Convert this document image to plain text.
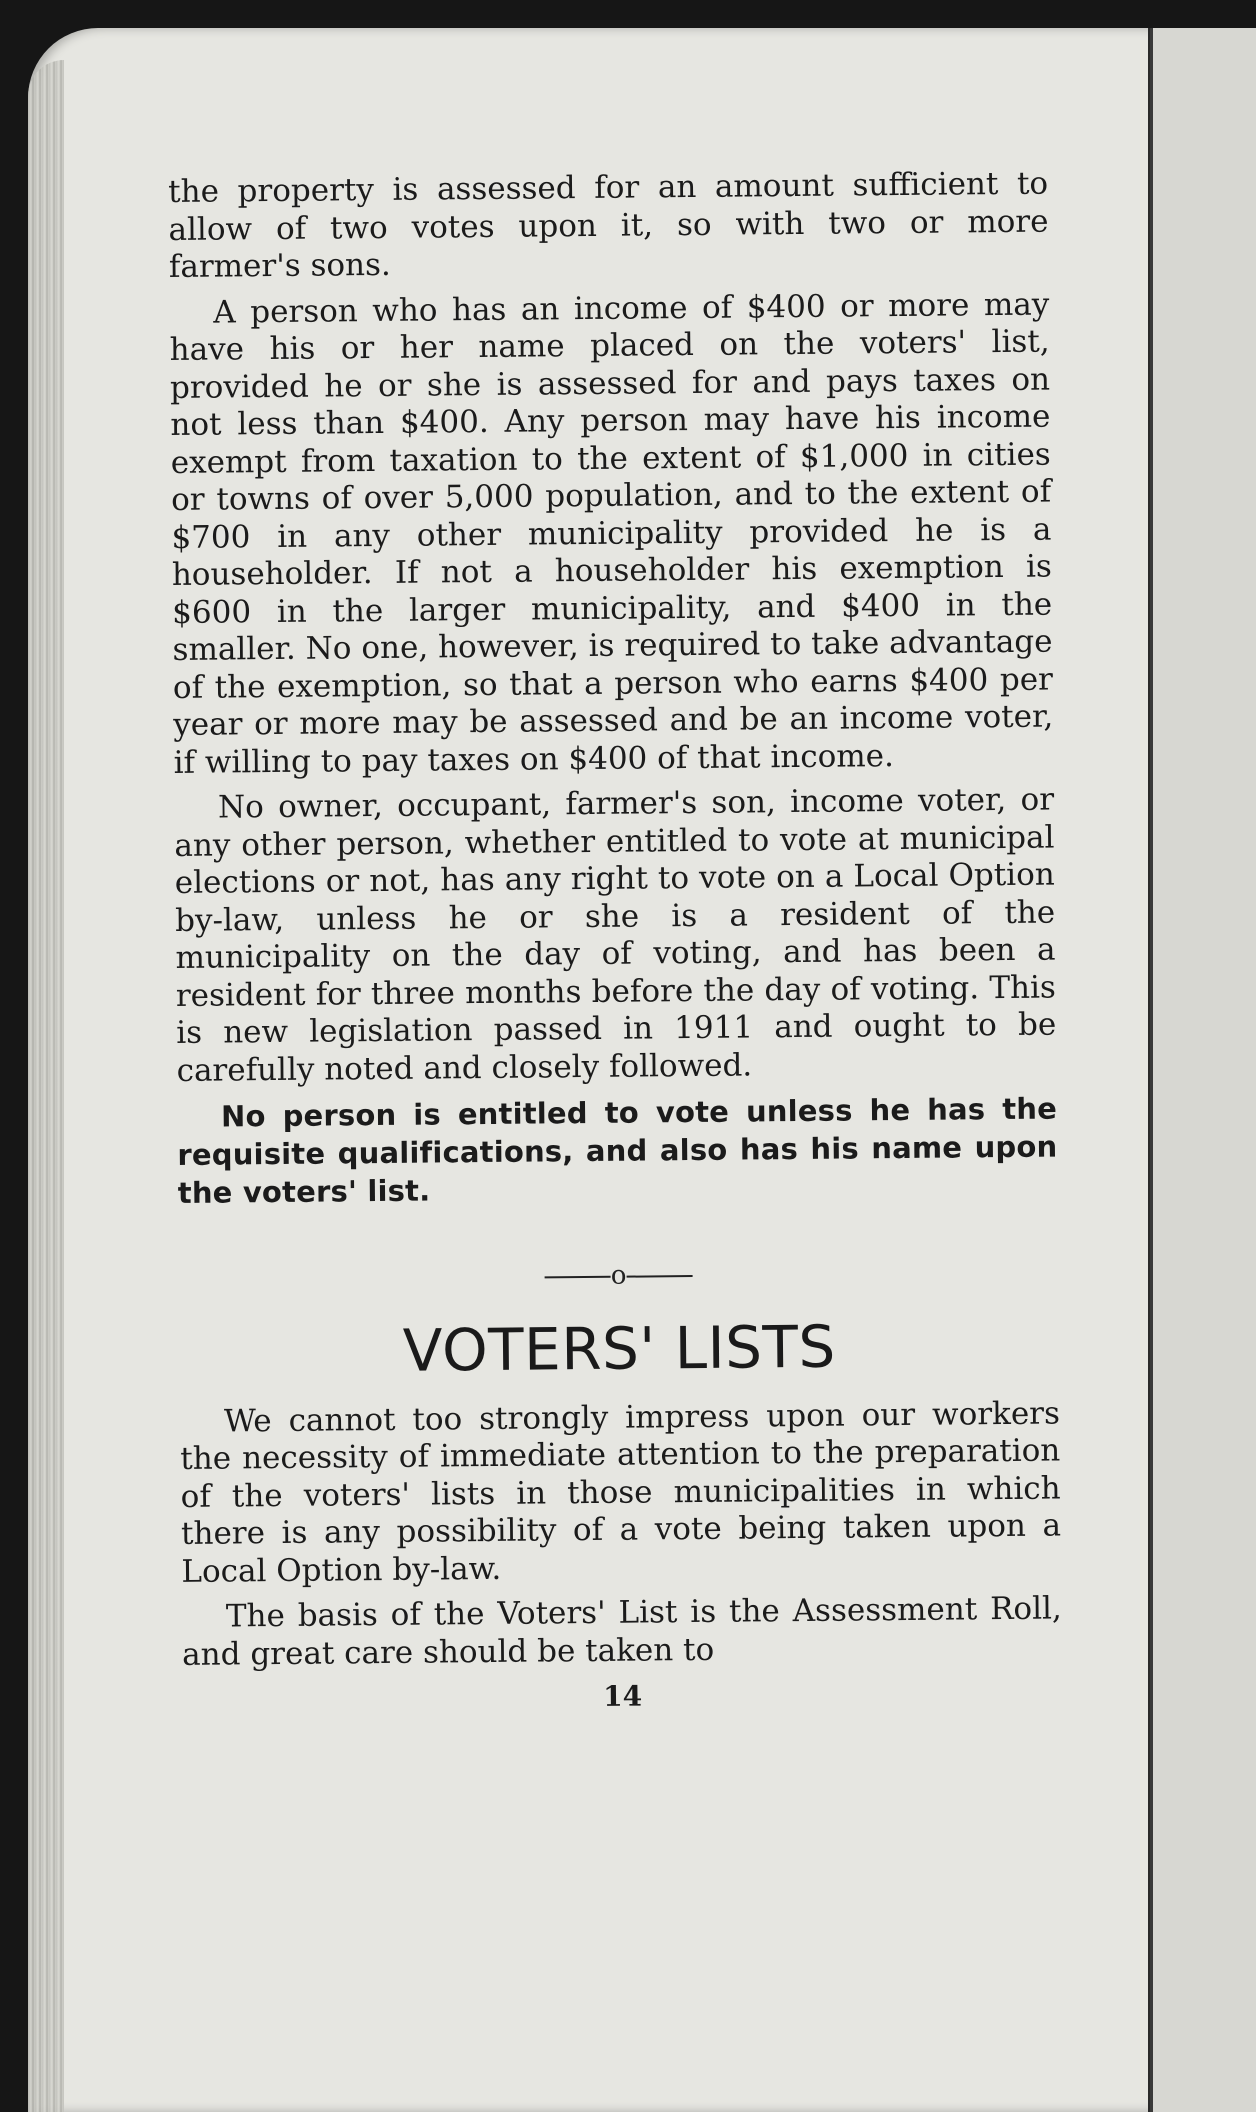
the property is assessed for an amount sufficient to allow of two votes upon it, so with two or more farmer's sons.

A person who has an income of $400 or more may have his or her name placed on the voters' list, provided he or she is assessed for and pays taxes on not less than $400. Any person may have his income exempt from taxation to the extent of $1,000 in cities or towns of over 5,000 population, and to the extent of $700 in any other municipality provided he is a householder. If not a householder his exemption is $600 in the larger municipality, and $400 in the smaller. No one, however, is required to take advantage of the exemption, so that a person who earns $400 per year or more may be assessed and be an income voter, if willing to pay taxes on $400 of that income.

No owner, occupant, farmer's son, income voter, or any other person, whether entitled to vote at municipal elections or not, has any right to vote on a Local Option by-law, unless he or she is a resident of the municipality on the day of voting, and has been a resident for three months before the day of voting. This is new legislation passed in 1911 and ought to be carefully noted and closely followed.

No person is entitled to vote unless he has the requisite qualifications, and also has his name upon the voters' list.

o
VOTERS' LISTS

We cannot too strongly impress upon our workers the necessity of immediate attention to the preparation of the voters' lists in those municipalities in which there is any possibility of a vote being taken upon a Local Option by-law.

The basis of the Voters' List is the Assessment Roll, and great care should be taken to

14
